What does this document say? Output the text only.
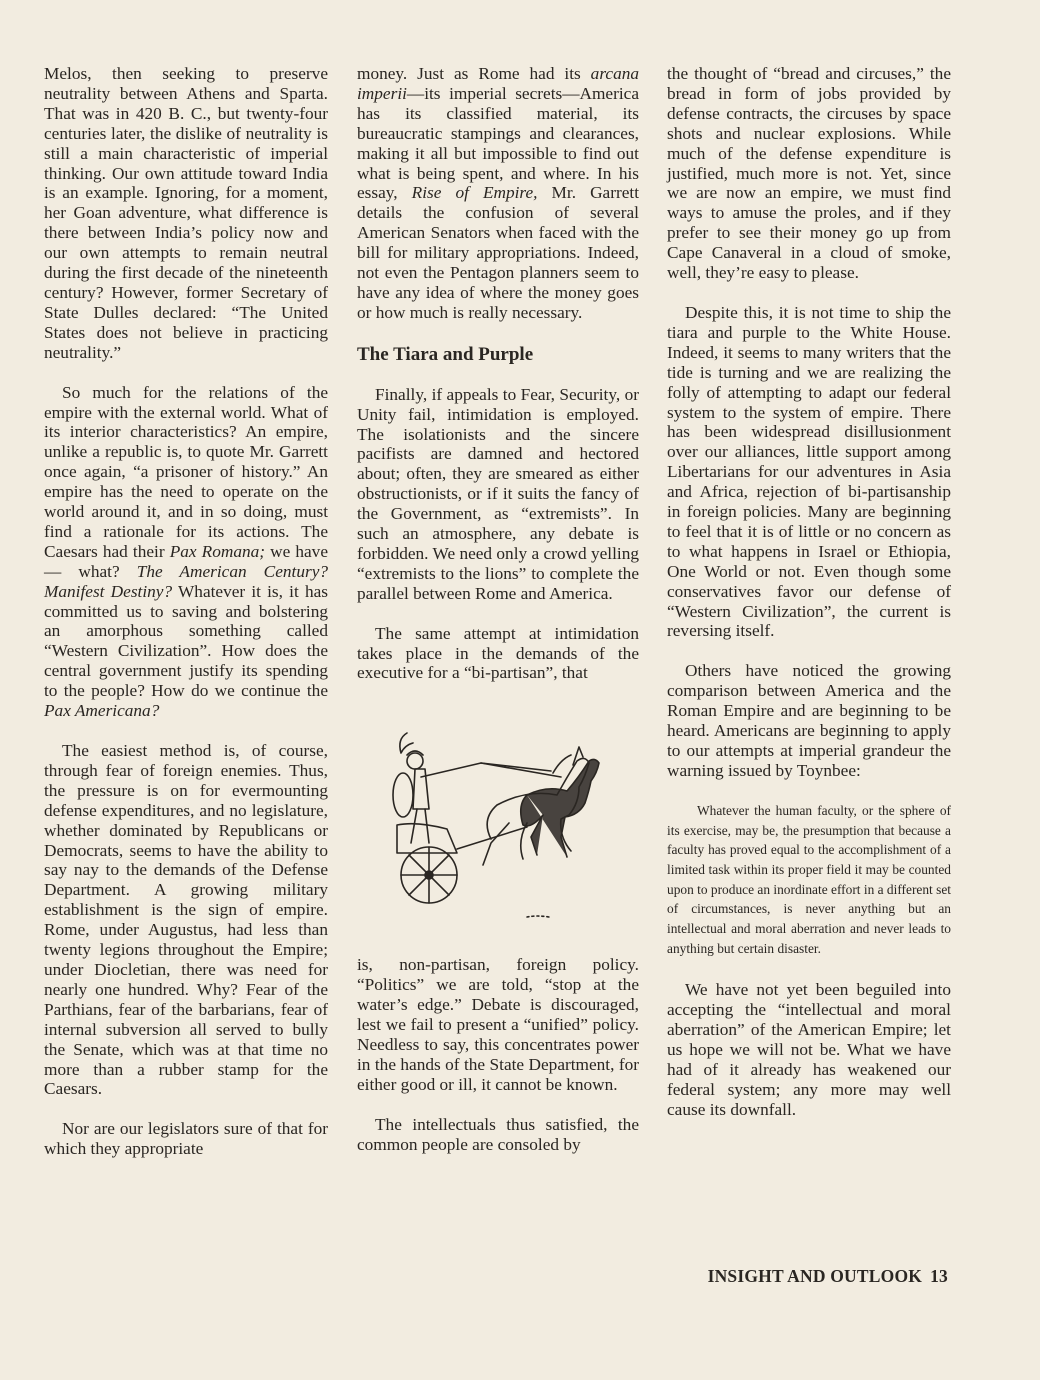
Melos, then seeking to preserve neutrality between Athens and Sparta. That was in 420 B. C., but twenty-four centuries later, the dislike of neutrality is still a main characteristic of imperial thinking. Our own attitude toward India is an example. Ignoring, for a moment, her Goan adventure, what difference is there between India’s policy now and our own attempts to remain neutral during the first decade of the nineteenth century? However, former Secretary of State Dulles declared: “The United States does not believe in practicing neutrality.”

So much for the relations of the empire with the external world. What of its interior characteristics? An empire, unlike a republic is, to quote Mr. Garrett once again, “a prisoner of history.” An empire has the need to operate on the world around it, and in so doing, must find a rationale for its actions. The Caesars had their Pax Romana; we have — what? The American Century? Manifest Destiny? Whatever it is, it has committed us to saving and bolstering an amorphous something called “Western Civilization”. How does the central government justify its spending to the people? How do we continue the Pax Americana?

The easiest method is, of course, through fear of foreign enemies. Thus, the pressure is on for evermounting defense expenditures, and no legislature, whether dominated by Republicans or Democrats, seems to have the ability to say nay to the demands of the Defense Department. A growing military establishment is the sign of empire. Rome, under Augustus, had less than twenty legions throughout the Empire; under Diocletian, there was need for nearly one hundred. Why? Fear of the Parthians, fear of the barbarians, fear of internal subversion all served to bully the Senate, which was at that time no more than a rubber stamp for the Caesars.

Nor are our legislators sure of that for which they appropriate

money. Just as Rome had its arcana imperii—its imperial secrets—America has its classified material, its bureaucratic stampings and clearances, making it all but impossible to find out what is being spent, and where. In his essay, Rise of Empire, Mr. Garrett details the confusion of several American Senators when faced with the bill for military appropriations. Indeed, not even the Pentagon planners seem to have any idea of where the money goes or how much is really necessary.

The Tiara and Purple

Finally, if appeals to Fear, Security, or Unity fail, intimidation is employed. The isolationists and the sincere pacifists are damned and hectored about; often, they are smeared as either obstructionists, or if it suits the fancy of the Government, as “extremists”. In such an atmosphere, any debate is forbidden. We need only a crowd yelling “extremists to the lions” to complete the parallel between Rome and America.

The same attempt at intimidation takes place in the demands of the executive for a “bi-partisan”, that

is, non-partisan, foreign policy. “Politics” we are told, “stop at the water’s edge.” Debate is discouraged, lest we fail to present a “unified” policy. Needless to say, this concentrates power in the hands of the State Department, for either good or ill, it cannot be known.

The intellectuals thus satisfied, the common people are consoled by

the thought of “bread and circuses,” the bread in form of jobs provided by defense contracts, the circuses by space shots and nuclear explosions. While much of the defense expenditure is justified, much more is not. Yet, since we are now an empire, we must find ways to amuse the proles, and if they prefer to see their money go up from Cape Canaveral in a cloud of smoke, well, they’re easy to please.

Despite this, it is not time to ship the tiara and purple to the White House. Indeed, it seems to many writers that the tide is turning and we are realizing the folly of attempting to adapt our federal system to the system of empire. There has been widespread disillusionment over our alliances, little support among Libertarians for our adventures in Asia and Africa, rejection of bi-partisanship in foreign policies. Many are beginning to feel that it is of little or no concern as to what happens in Israel or Ethiopia, One World or not. Even though some conservatives favor our defense of “Western Civilization”, the current is reversing itself.

Others have noticed the growing comparison between America and the Roman Empire and are beginning to be heard. Americans are beginning to apply to our attempts at imperial grandeur the warning issued by Toynbee:

Whatever the human faculty, or the sphere of its exercise, may be, the presumption that because a faculty has proved equal to the accomplishment of a limited task within its proper field it may be counted upon to produce an inordinate effort in a different set of circumstances, is never anything but an intellectual and moral aberration and never leads to anything but certain disaster.

We have not yet been beguiled into accepting the “intellectual and moral aberration” of the American Empire; let us hope we will not be. What we have had of it already has weakened our federal system; any more may well cause its downfall.

INSIGHT AND OUTLOOK 13
